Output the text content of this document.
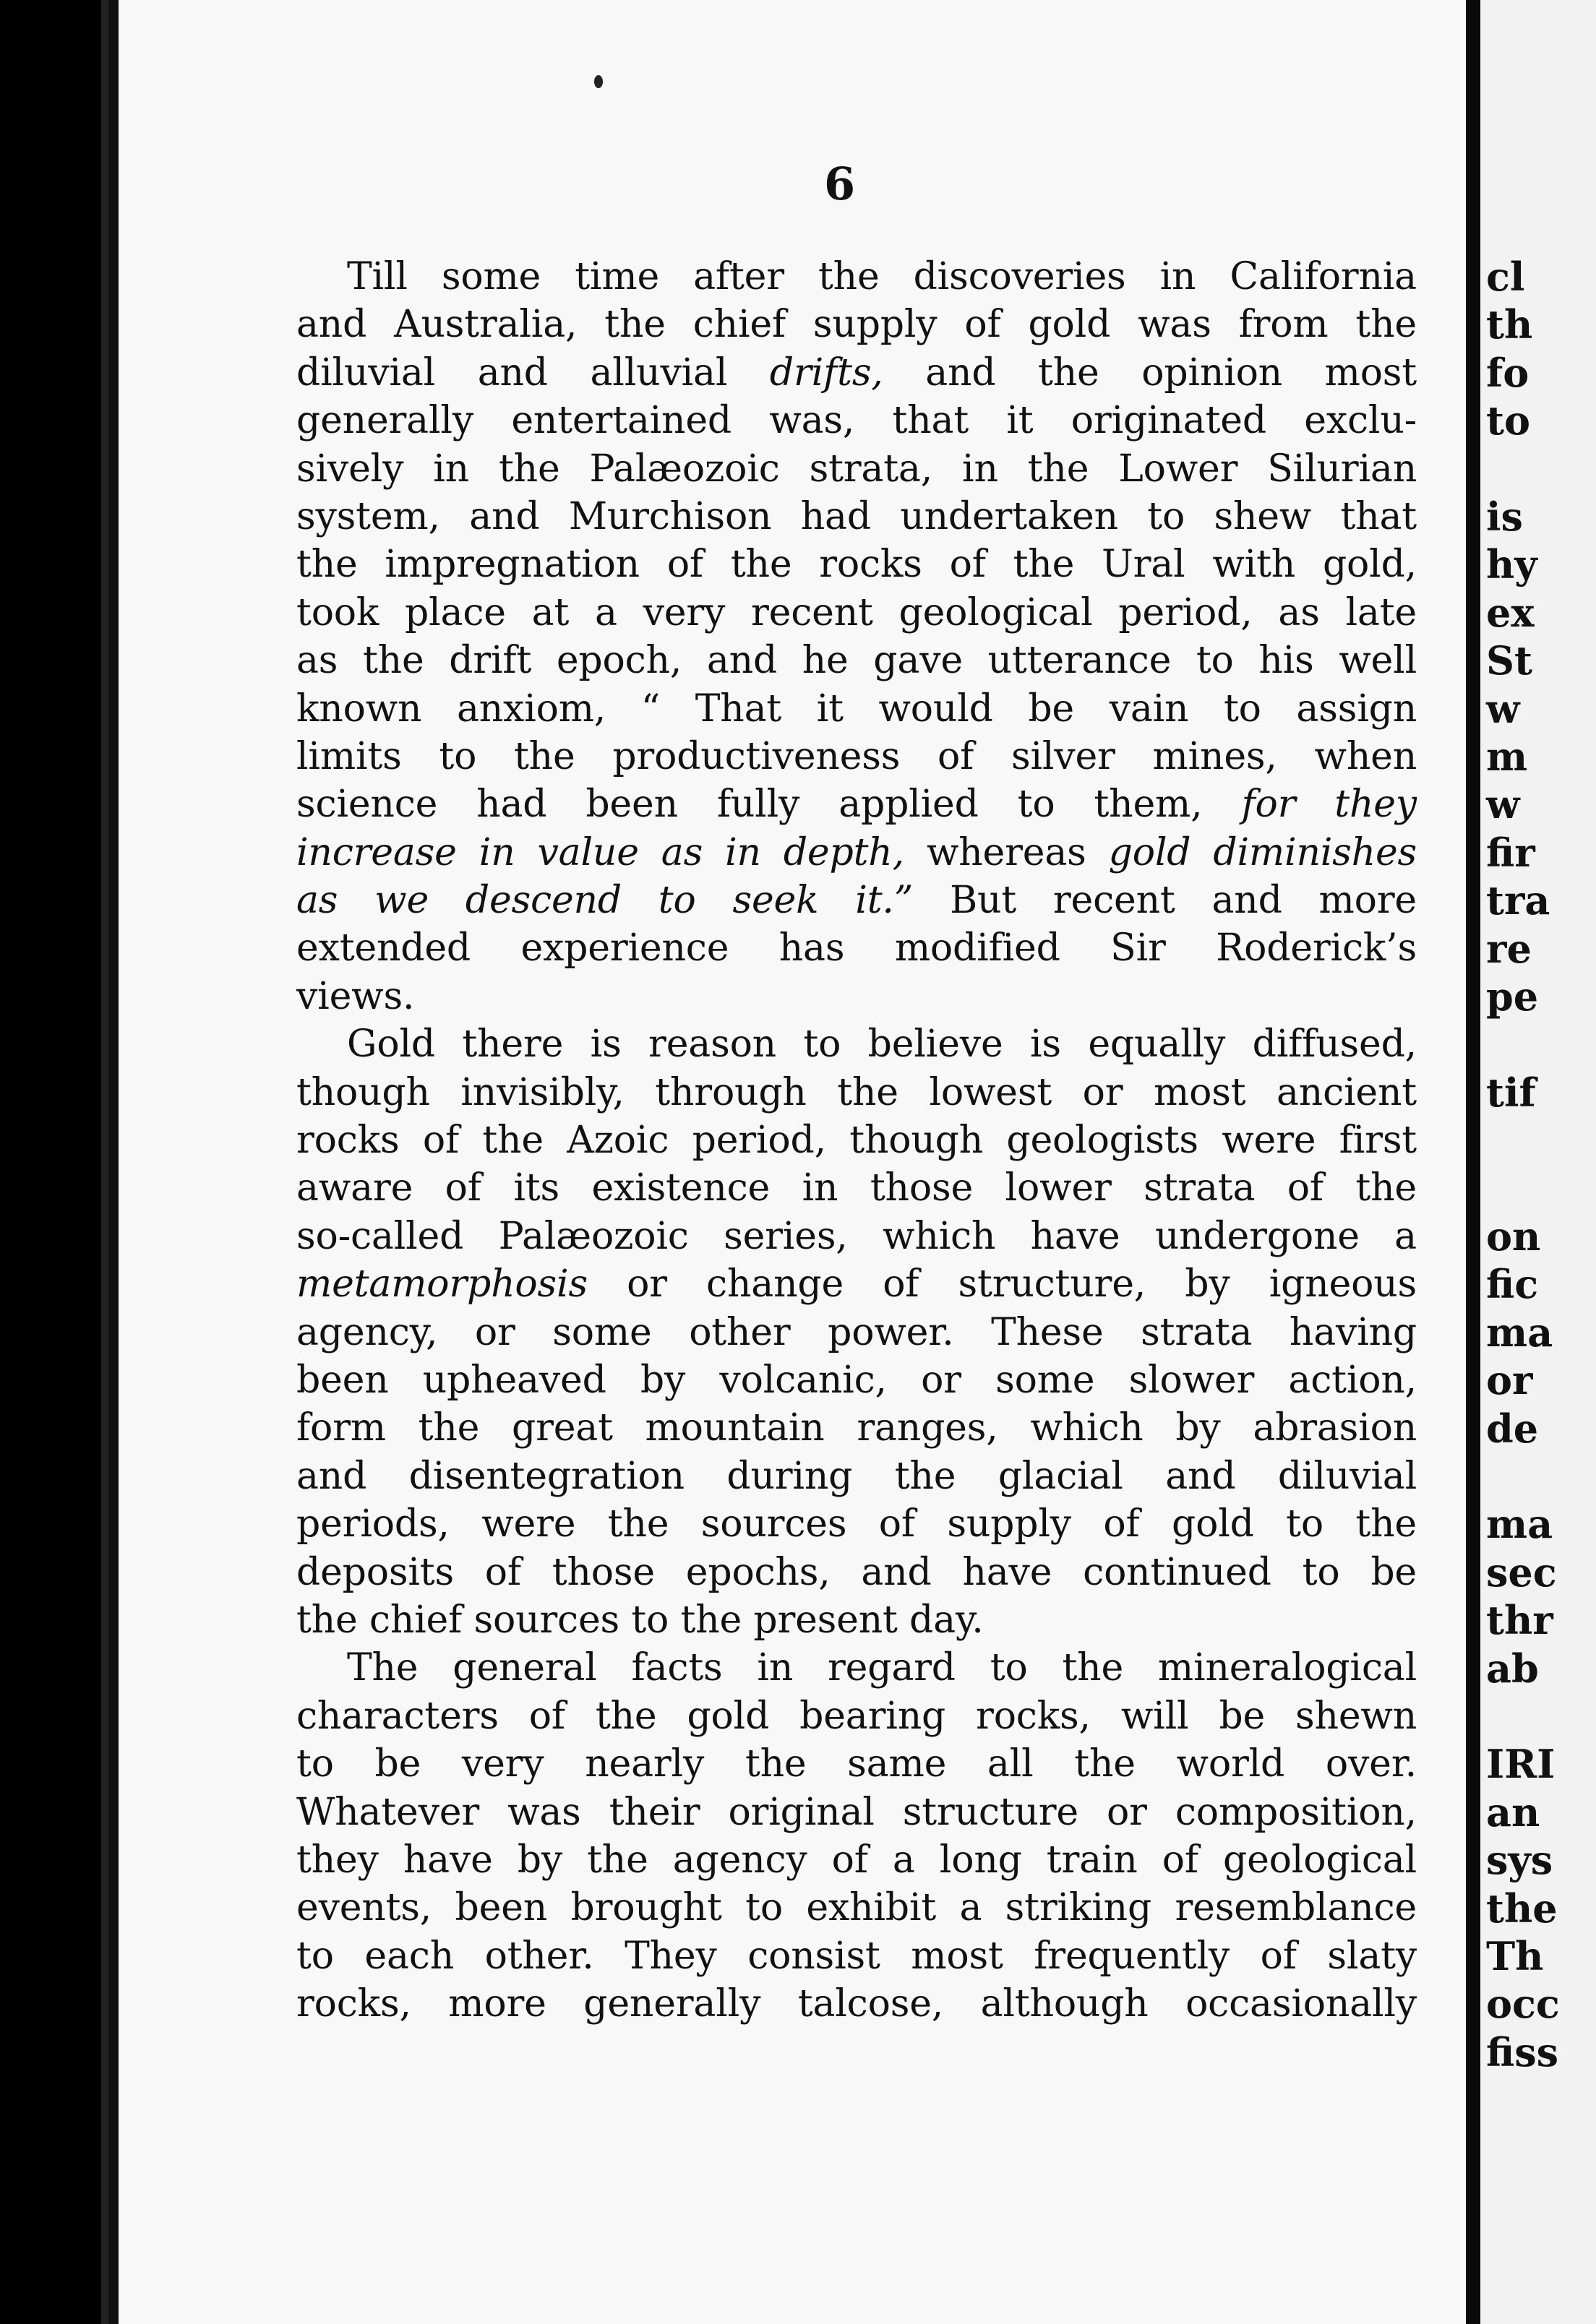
6
Till some time after the discoveries in California
and Australia, the chief supply of gold was from the
diluvial and alluvial drifts, and the opinion most
generally entertained was, that it originated exclu-
sively in the Palæozoic strata, in the Lower Silurian
system, and Murchison had undertaken to shew that
the impregnation of the rocks of the Ural with gold,
took place at a very recent geological period, as late
as the drift epoch, and he gave utterance to his well
known anxiom, “ That it would be vain to assign
limits to the productiveness of silver mines, when
science had been fully applied to them, for they
increase in value as in depth, whereas gold diminishes
as we descend to seek it.” But recent and more
extended experience has modified Sir Roderick’s
views.
Gold there is reason to believe is equally diffused,
though invisibly, through the lowest or most ancient
rocks of the Azoic period, though geologists were first
aware of its existence in those lower strata of the
so-called Palæozoic series, which have undergone a
metamorphosis or change of structure, by igneous
agency, or some other power. These strata having
been upheaved by volcanic, or some slower action,
form the great mountain ranges, which by abrasion
and disentegration during the glacial and diluvial
periods, were the sources of supply of gold to the
deposits of those epochs, and have continued to be
the chief sources to the present day.
The general facts in regard to the mineralogical
characters of the gold bearing rocks, will be shewn
to be very nearly the same all the world over.
Whatever was their original structure or composition,
they have by the agency of a long train of geological
events, been brought to exhibit a striking resemblance
to each other. They consist most frequently of slaty
rocks, more generally talcose, although occasionally
cl
th
fo
to
is
hy
ex
St
w
m
w
fir
tra
re
pe
tif
on
fic
ma
or
de
ma
sec
thr
ab
IRI
an
sys
the
Th
occ
fiss
